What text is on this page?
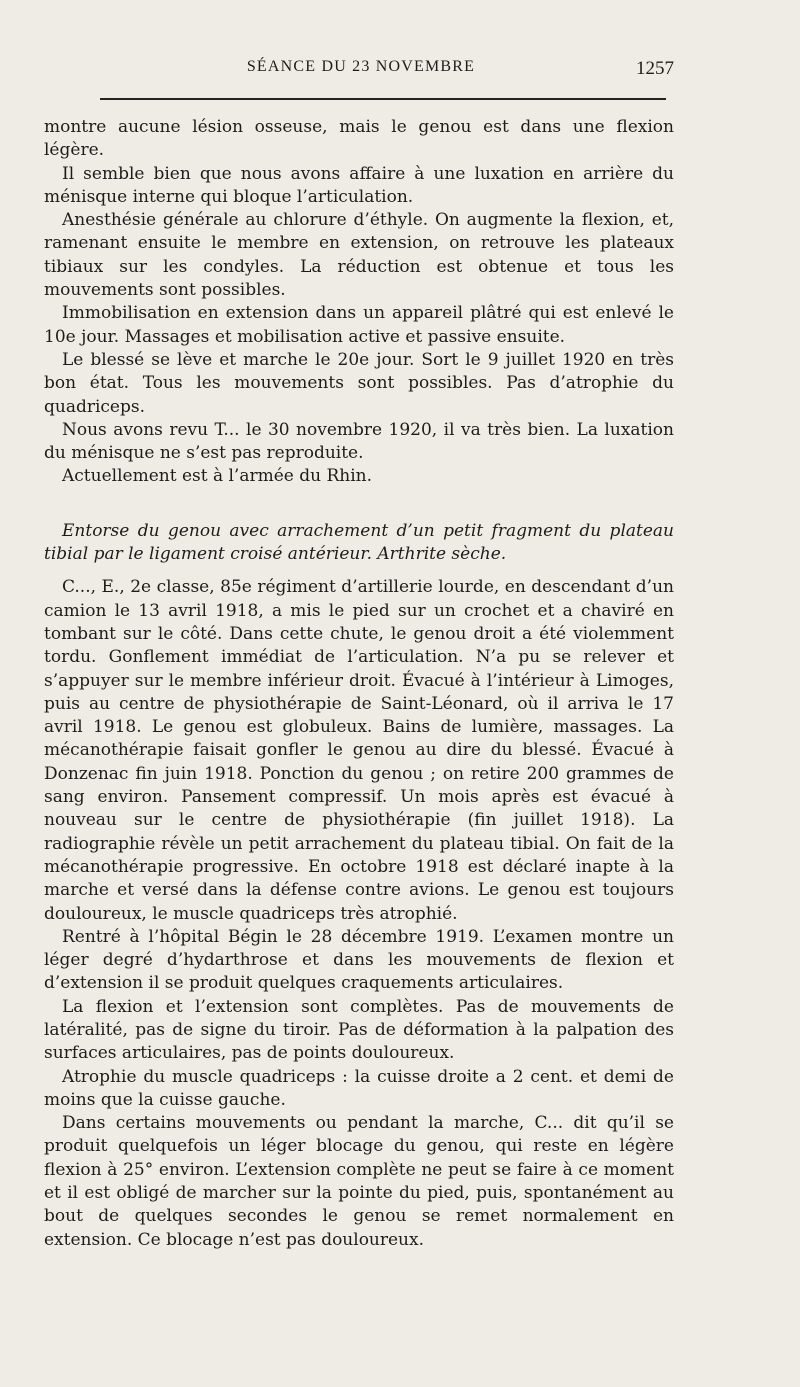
SÉANCE DU 23 NOVEMBRE	1257

montre aucune lésion osseuse, mais le genou est dans une flexion légère.

Il semble bien que nous avons affaire à une luxation en arrière du ménisque interne qui bloque l’articulation.

Anesthésie générale au chlorure d’éthyle. On augmente la flexion, et, ramenant ensuite le membre en extension, on retrouve les plateaux tibiaux sur les condyles. La réduction est obtenue et tous les mouvements sont possibles.

Immobilisation en extension dans un appareil plâtré qui est enlevé le 10e jour. Massages et mobilisation active et passive ensuite.

Le blessé se lève et marche le 20e jour. Sort le 9 juillet 1920 en très bon état. Tous les mouvements sont possibles. Pas d’atrophie du quadriceps.

Nous avons revu T... le 30 novembre 1920, il va très bien. La luxation du ménisque ne s’est pas reproduite.

Actuellement est à l’armée du Rhin.

Entorse du genou avec arrachement d’un petit fragment du plateau tibial par le ligament croisé antérieur. Arthrite sèche.

C..., E., 2e classe, 85e régiment d’artillerie lourde, en descendant d’un camion le 13 avril 1918, a mis le pied sur un crochet et a chaviré en tombant sur le côté. Dans cette chute, le genou droit a été violemment tordu. Gonflement immédiat de l’articulation. N’a pu se relever et s’appuyer sur le membre inférieur droit. Évacué à l’intérieur à Limoges, puis au centre de physiothérapie de Saint-Léonard, où il arriva le 17 avril 1918. Le genou est globuleux. Bains de lumière, massages. La mécanothérapie faisait gonfler le genou au dire du blessé. Évacué à Donzenac fin juin 1918. Ponction du genou ; on retire 200 grammes de sang environ. Pansement compressif. Un mois après est évacué à nouveau sur le centre de physiothérapie (fin juillet 1918). La radiographie révèle un petit arrachement du plateau tibial. On fait de la mécanothérapie progressive. En octobre 1918 est déclaré inapte à la marche et versé dans la défense contre avions. Le genou est toujours douloureux, le muscle quadriceps très atrophié.

Rentré à l’hôpital Bégin le 28 décembre 1919. L’examen montre un léger degré d’hydarthrose et dans les mouvements de flexion et d’extension il se produit quelques craquements articulaires.

La flexion et l’extension sont complètes. Pas de mouvements de latéralité, pas de signe du tiroir. Pas de déformation à la palpation des surfaces articulaires, pas de points douloureux.

Atrophie du muscle quadriceps : la cuisse droite a 2 cent. et demi de moins que la cuisse gauche.

Dans certains mouvements ou pendant la marche, C... dit qu’il se produit quelquefois un léger blocage du genou, qui reste en légère flexion à 25° environ. L’extension complète ne peut se faire à ce moment et il est obligé de marcher sur la pointe du pied, puis, spontanément au bout de quelques secondes le genou se remet normalement en extension. Ce blocage n’est pas douloureux.
